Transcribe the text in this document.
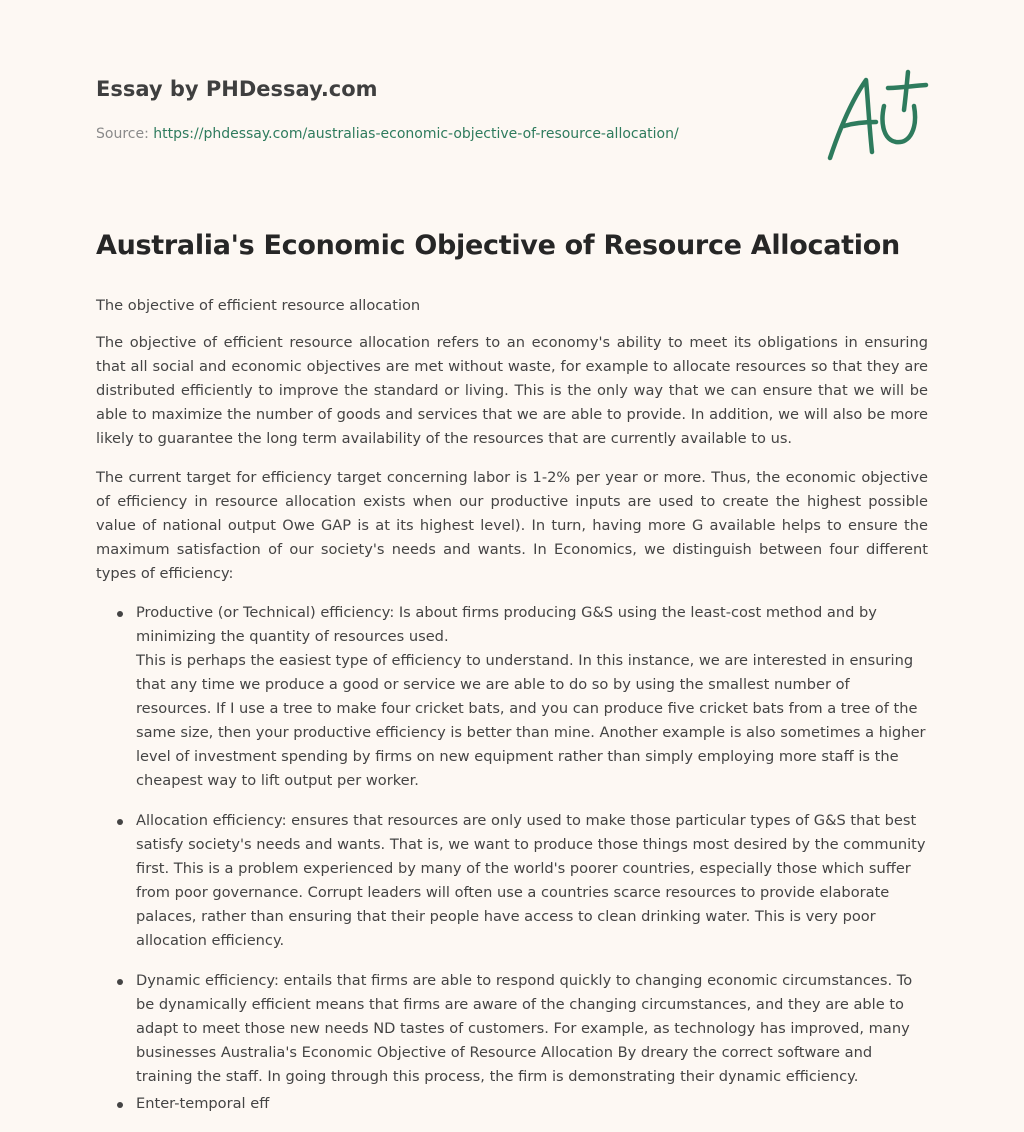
Essay by PHDessay.com
Source: https://phdessay.com/australias-economic-objective-of-resource-allocation/
Australia's Economic Objective of Resource Allocation

The objective of efficient resource allocation

The objective of efficient resource allocation refers to an economy's ability to meet its obligations in ensuring that all social and economic objectives are met without waste, for example to allocate resources so that they are distributed efficiently to improve the standard or living. This is the only way that we can ensure that we will be able to maximize the number of goods and services that we are able to provide. In addition, we will also be more likely to guarantee the long term availability of the resources that are currently available to us.

The current target for efficiency target concerning labor is 1-2% per year or more. Thus, the economic objective of efficiency in resource allocation exists when our productive inputs are used to create the highest possible value of national output Owe GAP is at its highest level). In turn, having more G available helps to ensure the maximum satisfaction of our society's needs and wants. In Economics, we distinguish between four different types of efficiency:

Productive (or Technical) efficiency: Is about firms producing G&S using the least-cost method and by minimizing the quantity of resources used.
This is perhaps the easiest type of efficiency to understand. In this instance, we are interested in ensuring that any time we produce a good or service we are able to do so by using the smallest number of resources. If I use a tree to make four cricket bats, and you can produce five cricket bats from a tree of the same size, then your productive efficiency is better than mine. Another example is also sometimes a higher level of investment spending by firms on new equipment rather than simply employing more staff is the cheapest way to lift output per worker.
Allocation efficiency: ensures that resources are only used to make those particular types of G&S that best satisfy society's needs and wants. That is, we want to produce those things most desired by the community first. This is a problem experienced by many of the world's poorer countries, especially those which suffer from poor governance. Corrupt leaders will often use a countries scarce resources to provide elaborate palaces, rather than ensuring that their people have access to clean drinking water. This is very poor allocation efficiency.
Dynamic efficiency: entails that firms are able to respond quickly to changing economic circumstances. To be dynamically efficient means that firms are aware of the changing circumstances, and they are able to adapt to meet those new needs ND tastes of customers. For example, as technology has improved, many businesses Australia's Economic Objective of Resource Allocation By dreary the correct software and training the staff. In going through this process, the firm is demonstrating their dynamic efficiency.
Enter-temporal eff
